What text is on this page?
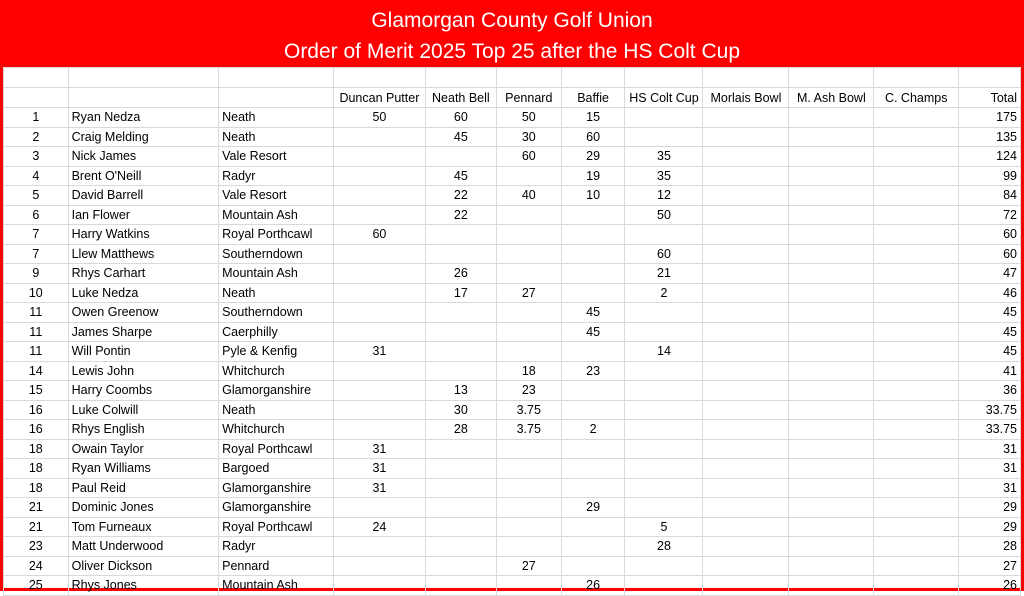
Glamorgan County Golf Union
Order of Merit 2025 Top 25 after the HS Colt Cup

			Duncan Putter	Neath Bell	Pennard	Baffie	HS Colt Cup	Morlais Bowl	M. Ash Bowl	C. Champs	Total
1	Ryan Nedza	Neath	50	60	50	15					175
2	Craig Melding	Neath		45	30	60					135
3	Nick James	Vale Resort			60	29	35				124
4	Brent O'Neill	Radyr		45		19	35				99
5	David Barrell	Vale Resort		22	40	10	12				84
6	Ian Flower	Mountain Ash		22			50				72
7	Harry Watkins	Royal Porthcawl	60								60
7	Llew Matthews	Southerndown					60				60
9	Rhys Carhart	Mountain Ash		26			21				47
10	Luke Nedza	Neath		17	27		2				46
11	Owen Greenow	Southerndown				45					45
11	James Sharpe	Caerphilly				45					45
11	Will Pontin	Pyle & Kenfig	31				14				45
14	Lewis John	Whitchurch			18	23					41
15	Harry Coombs	Glamorganshire		13	23						36
16	Luke Colwill	Neath		30	3.75						33.75
16	Rhys English	Whitchurch		28	3.75	2					33.75
18	Owain Taylor	Royal Porthcawl	31								31
18	Ryan Williams	Bargoed	31								31
18	Paul Reid	Glamorganshire	31								31
21	Dominic Jones	Glamorganshire				29					29
21	Tom Furneaux	Royal Porthcawl	24				5				29
23	Matt Underwood	Radyr					28				28
24	Oliver Dickson	Pennard			27						27
25	Rhys Jones	Mountain Ash				26					26
